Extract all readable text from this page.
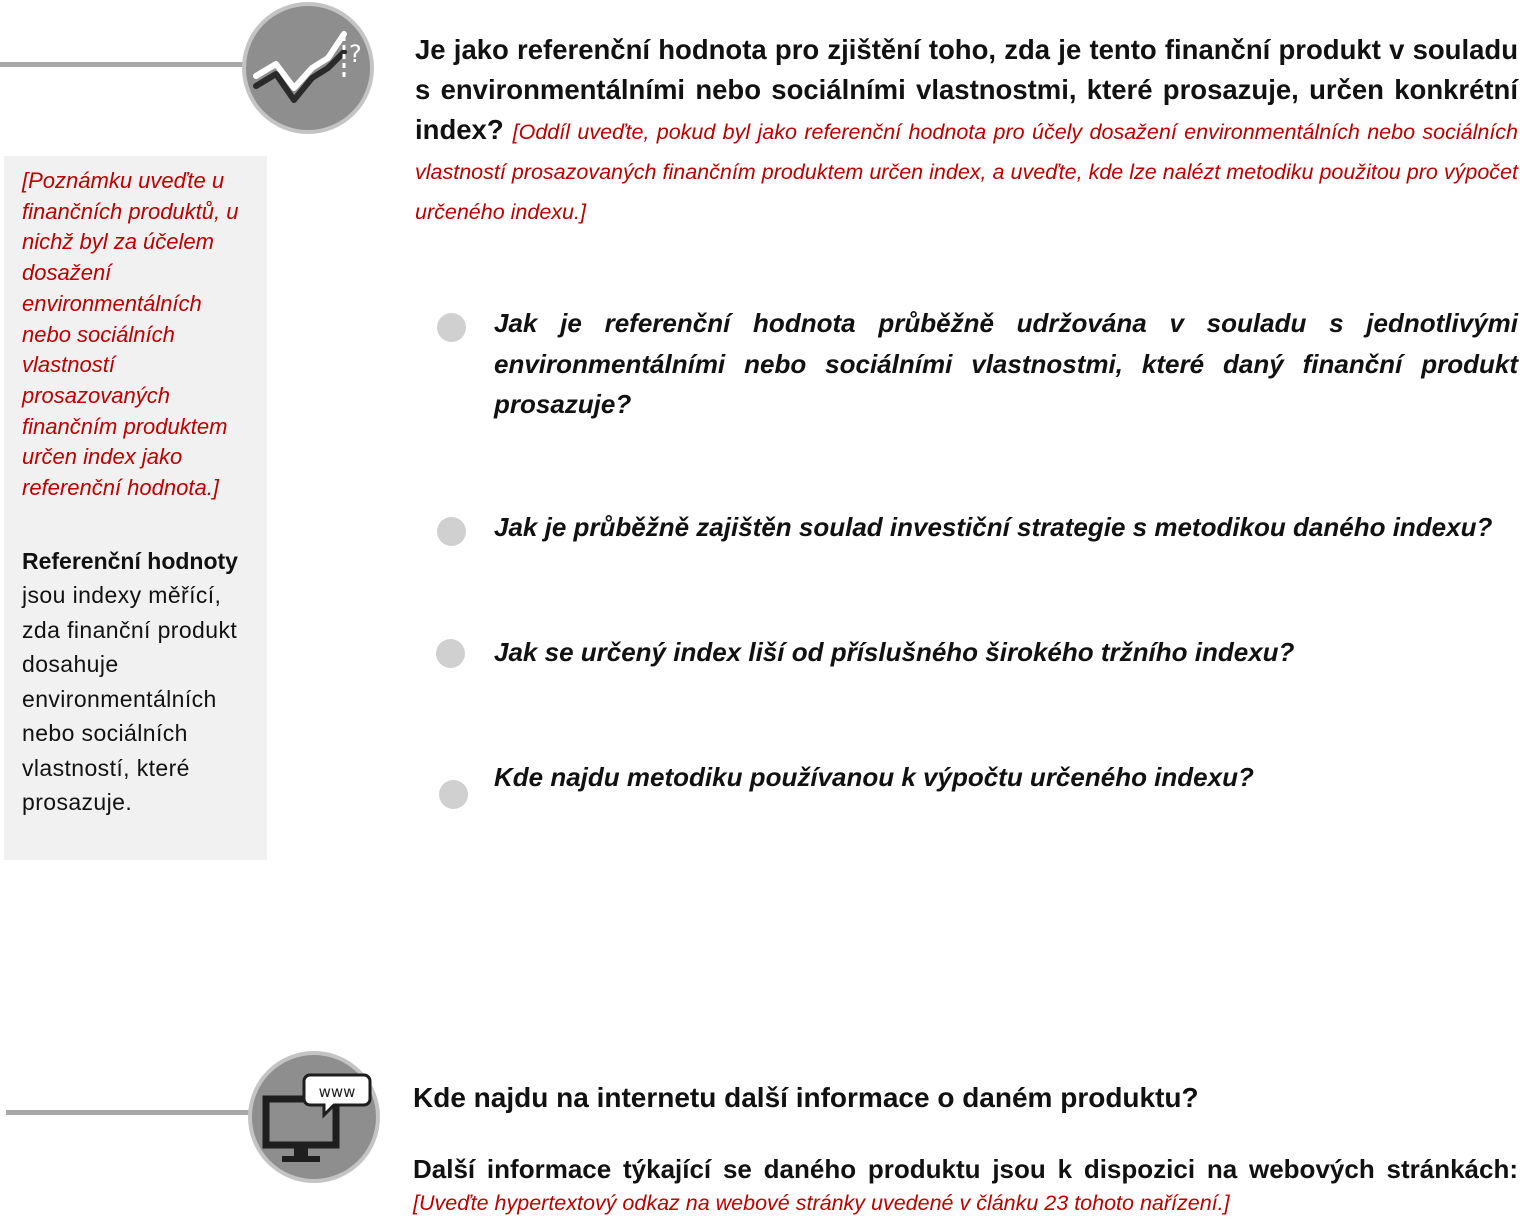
?

[Poznámku uveďte u finančních produktů, u nichž byl za účelem dosažení environmentálních nebo sociálních vlastností prosazovaných finančním produktem určen index jako referenční hodnota.]

Referenční hodnoty jsou indexy měřící, zda finanční produkt dosahuje environmentálních nebo sociálních vlastností, které prosazuje.

Je jako referenční hodnota pro zjištění toho, zda je tento finanční produkt v souladu s environmentálními nebo sociálními vlastnostmi, které prosazuje, určen konkrétní index? [Oddíl uveďte, pokud byl jako referenční hodnota pro účely dosažení environmentálních nebo sociálních vlastností prosazovaných finančním produktem určen index, a uveďte, kde lze nalézt metodiku použitou pro výpočet určeného indexu.]

Jak je referenční hodnota průběžně udržována v souladu s jednotlivými environmentálními nebo sociálními vlastnostmi, které daný finanční produkt prosazuje?

Jak je průběžně zajištěn soulad investiční strategie s metodikou daného indexu?

Jak se určený index liší od příslušného širokého tržního indexu?

Kde najdu metodiku používanou k výpočtu určeného indexu?

www Kde najdu na internetu další informace o daném produktu?

Další informace týkající se daného produktu jsou k dispozici na webových stránkách:

[Uveďte hypertextový odkaz na webové stránky uvedené v článku 23 tohoto nařízení.]
